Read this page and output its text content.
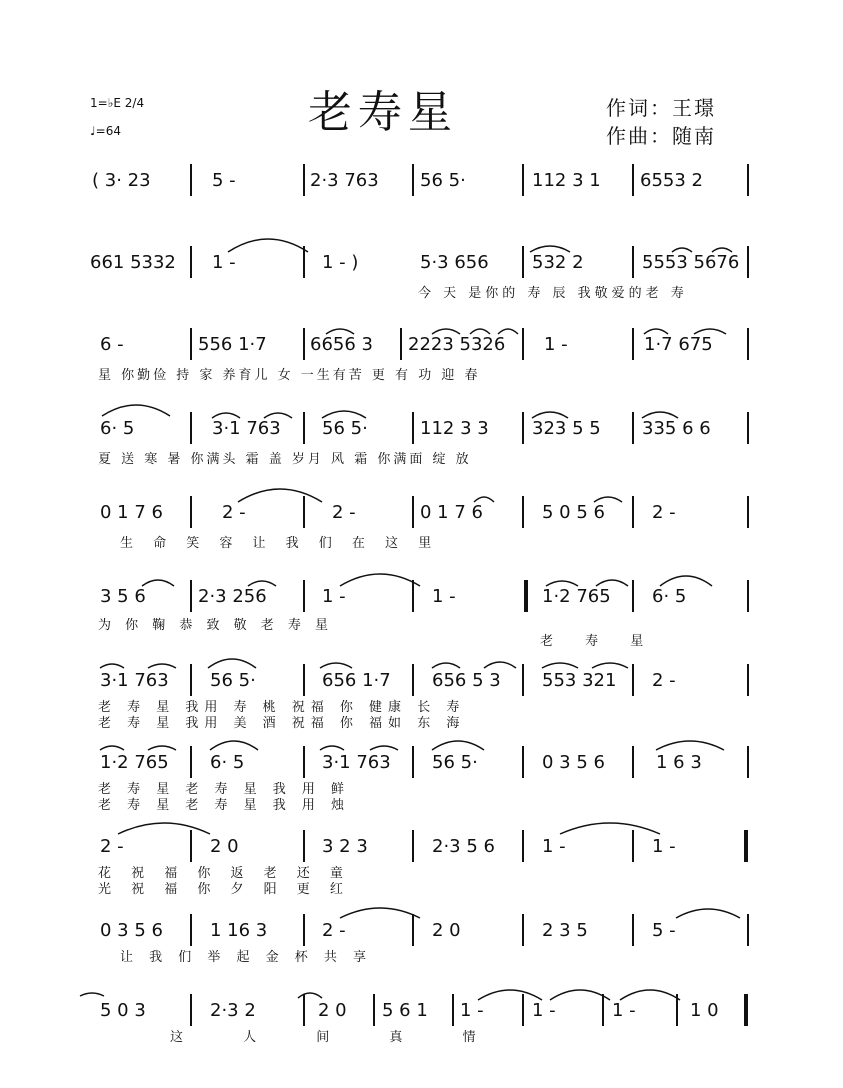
1=♭E 2/4
♩=64	老寿星	作词：王璟
作曲：随南
( 3· 23	5 -	2·3 763 56 5·	112 3 1 6553 2
661 5332 1 -	1 - )	5·3 656 532 2	5553 5676
今 天 是你的 寿 辰 我敬爱的老 寿
6 -	556 1·7 6656 3 2223 5326 1 -	1·7 675
星 你勤俭 持 家 养育儿 女 一生有苦 更 有 功 迎 春
6· 5	3·1 763 56 5·	112 3 3 323 5 5 335 6 6
夏 送 寒 暑 你满头 霜 盖 岁月 风 霜 你满面 绽 放
0 1 7 6	2 -	2 -	0 1 7 6	5 0 5 6	2 -
生 命 笑 容 让 我 们 在 这 里
3 5 6	2·3 256	1 -	1 -	1·2 765 6· 5
为 你 鞠 恭 致 敬 老 寿 星
老 寿 星
3·1 763 56 5·	656 1·7 656 5 3 553 321 2 -
老 寿 星 我用 寿 桃 祝福 你 健康 长 寿
老 寿 星 我用 美 酒 祝福 你 福如 东 海
1·2 765 6· 5	3·1 763 56 5·	0 3 5 6	1 6 3
老 寿 星 老 寿 星 我 用 鲜
老 寿 星 老 寿 星 我 用 烛
2 -	2 0	3 2 3	2·3 5 6	1 -	1 -
花 祝 福 你 返 老 还 童
光 祝 福 你 夕 阳 更 红
0 3 5 6	1 16 3	2 -	2 0	2 3 5	5 -
让 我 们 举 起 金 杯 共 享
5 0 3	2·3 2	2 0 5 6 1 1 -	1 -	1 -	1 0
这 人 间 真 情
